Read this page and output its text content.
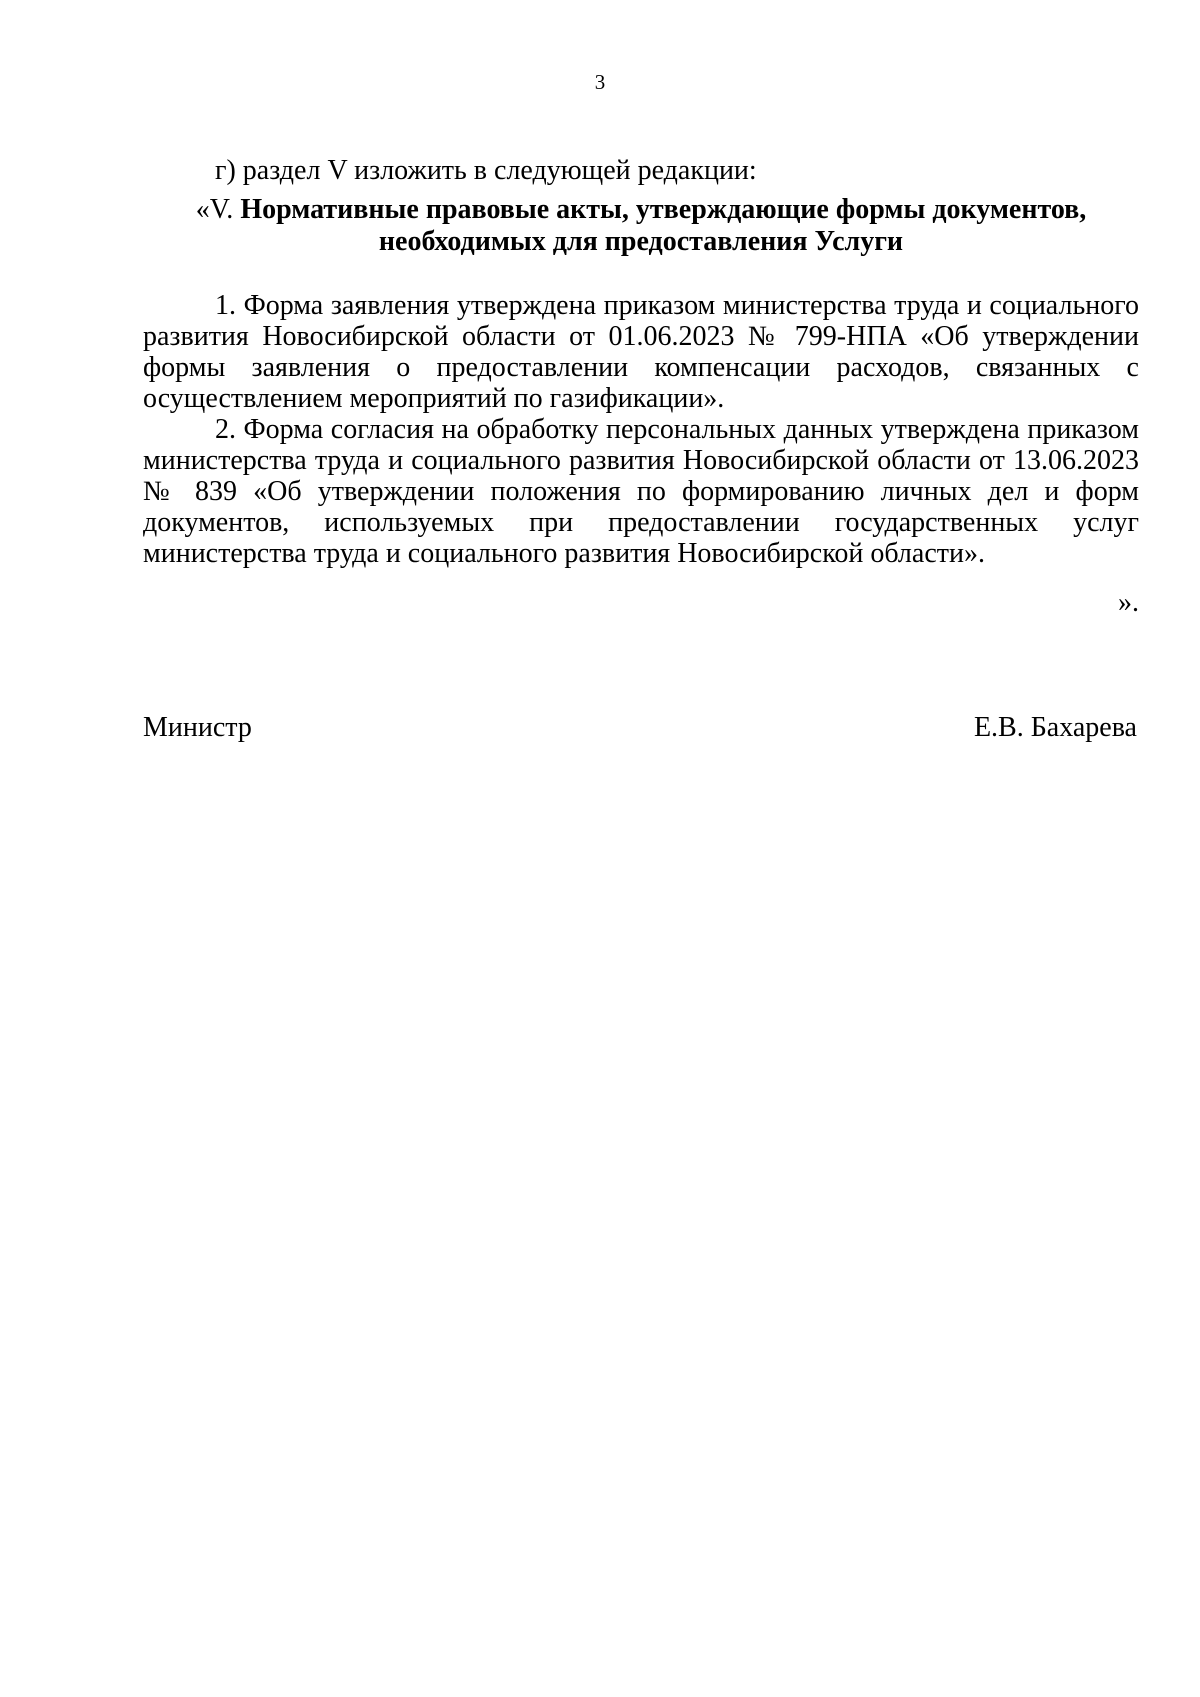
3
г) раздел V изложить в следующей редакции:
«V. Нормативные правовые акты, утверждающие формы документов,
необходимых для предоставления Услуги

1. Форма заявления утверждена приказом министерства труда и социального развития Новосибирской области от 01.06.2023 № 799-НПА «Об утверждении формы заявления о предоставлении компенсации расходов, связанных с осуществлением мероприятий по газификации».

2. Форма согласия на обработку персональных данных утверждена приказом министерства труда и социального развития Новосибирской области от 13.06.2023 № 839 «Об утверждении положения по формированию личных дел и форм документов, используемых при предоставлении государственных услуг министерства труда и социального развития Новосибирской области».

».
Министр	Е.В. Бахарева
